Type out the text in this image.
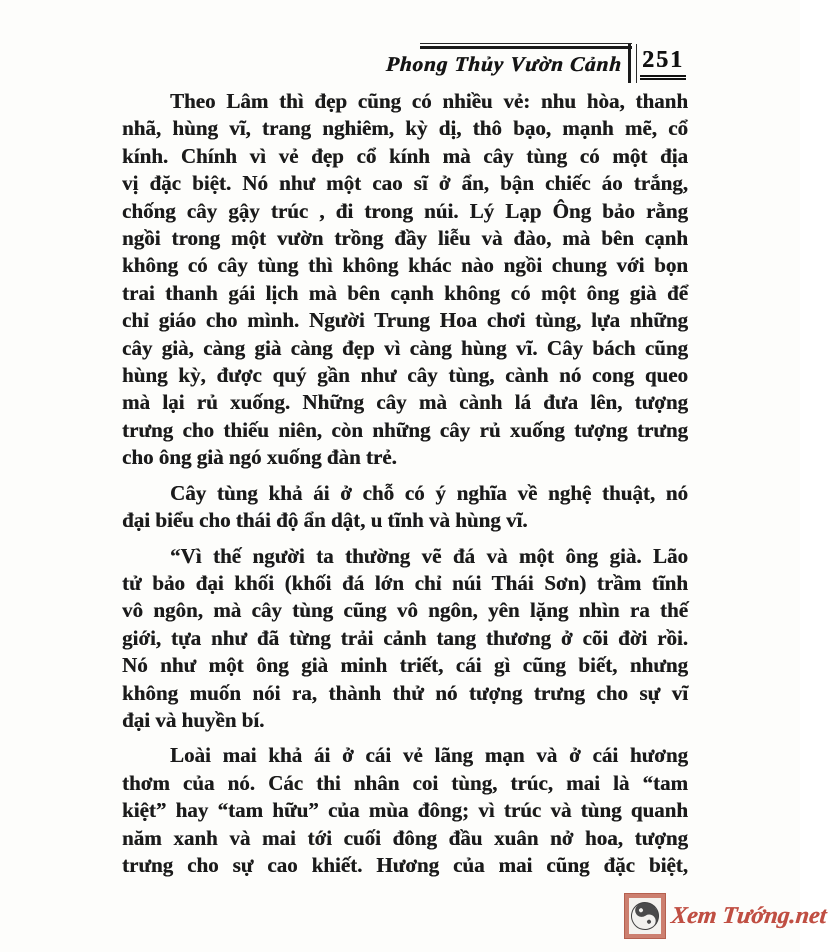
Phong Thủy Vườn Cảnh 251
Theo Lâm thì đẹp cũng có nhiều vẻ: nhu hòa, thanh
nhã, hùng vĩ, trang nghiêm, kỳ dị, thô bạo, mạnh mẽ, cổ
kính. Chính vì vẻ đẹp cổ kính mà cây tùng có một địa
vị đặc biệt. Nó như một cao sĩ ở ẩn, bận chiếc áo trắng,
chống cây gậy trúc , đi trong núi. Lý Lạp Ông bảo rằng
ngồi trong một vườn trồng đầy liễu và đào, mà bên cạnh
không có cây tùng thì không khác nào ngồi chung với bọn
trai thanh gái lịch mà bên cạnh không có một ông già để
chỉ giáo cho mình. Người Trung Hoa chơi tùng, lựa những
cây già, càng già càng đẹp vì càng hùng vĩ. Cây bách cũng
hùng kỳ, được quý gần như cây tùng, cành nó cong queo
mà lại rủ xuống. Những cây mà cành lá đưa lên, tượng
trưng cho thiếu niên, còn những cây rủ xuống tượng trưng
cho ông già ngó xuống đàn trẻ.
Cây tùng khả ái ở chỗ có ý nghĩa về nghệ thuật, nó
đại biểu cho thái độ ẩn dật, u tĩnh và hùng vĩ.
“Vì thế người ta thường vẽ đá và một ông già. Lão
tử bảo đại khối (khối đá lớn chỉ núi Thái Sơn) trầm tĩnh
vô ngôn, mà cây tùng cũng vô ngôn, yên lặng nhìn ra thế
giới, tựa như đã từng trải cảnh tang thương ở cõi đời rồi.
Nó như một ông già minh triết, cái gì cũng biết, nhưng
không muốn nói ra, thành thử nó tượng trưng cho sự vĩ
đại và huyền bí.
Loài mai khả ái ở cái vẻ lãng mạn và ở cái hương
thơm của nó. Các thi nhân coi tùng, trúc, mai là “tam
kiệt” hay “tam hữu” của mùa đông; vì trúc và tùng quanh
năm xanh và mai tới cuối đông đầu xuân nở hoa, tượng
trưng cho sự cao khiết. Hương của mai cũng đặc biệt,
Xem Tướng.net
